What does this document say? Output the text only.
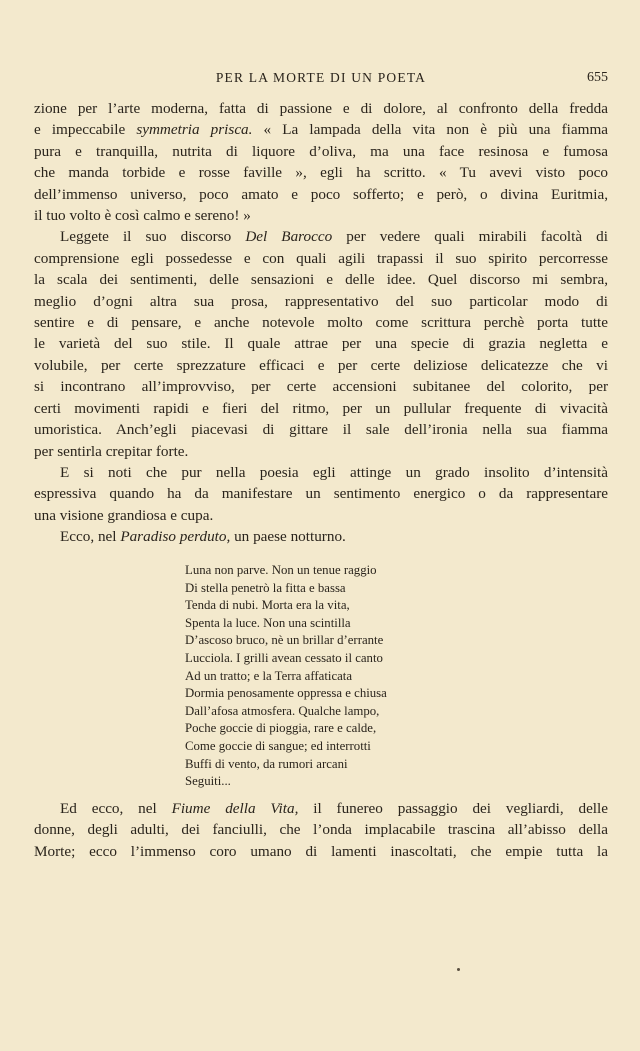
PER LA MORTE DI UN POETA	655
zione per l’arte moderna, fatta di passione e di dolore, al confronto della fredda
e impeccabile symmetria prisca. « La lampada della vita non è più una fiamma
pura e tranquilla, nutrita di liquore d’oliva, ma una face resinosa e fumosa
che manda torbide e rosse faville », egli ha scritto. « Tu avevi visto poco
dell’immenso universo, poco amato e poco sofferto; e però, o divina Euritmia,
il tuo volto è così calmo e sereno! »
Leggete il suo discorso Del Barocco per vedere quali mirabili facoltà di
comprensione egli possedesse e con quali agili trapassi il suo spirito percorresse
la scala dei sentimenti, delle sensazioni e delle idee. Quel discorso mi sembra,
meglio d’ogni altra sua prosa, rappresentativo del suo particolar modo di
sentire e di pensare, e anche notevole molto come scrittura perchè porta tutte
le varietà del suo stile. Il quale attrae per una specie di grazia negletta e
volubile, per certe sprezzature efficaci e per certe deliziose delicatezze che vi
si incontrano all’improvviso, per certe accensioni subitanee del colorito, per
certi movimenti rapidi e fieri del ritmo, per un pullular frequente di vivacità
umoristica. Anch’egli piacevasi di gittare il sale dell’ironia nella sua fiamma
per sentirla crepitar forte.
E si noti che pur nella poesia egli attinge un grado insolito d’intensità
espressiva quando ha da manifestare un sentimento energico o da rappresentare
una visione grandiosa e cupa.
Ecco, nel Paradiso perduto, un paese notturno.
Luna non parve. Non un tenue raggio
Di stella penetrò la fitta e bassa
Tenda di nubi. Morta era la vita,
Spenta la luce. Non una scintilla
D’ascoso bruco, nè un brillar d’errante
Lucciola. I grilli avean cessato il canto
Ad un tratto; e la Terra affaticata
Dormia penosamente oppressa e chiusa
Dall’afosa atmosfera. Qualche lampo,
Poche goccie di pioggia, rare e calde,
Come goccie di sangue; ed interrotti
Buffi di vento, da rumori arcani
Seguiti...
Ed ecco, nel Fiume della Vita, il funereo passaggio dei vegliardi, delle
donne, degli adulti, dei fanciulli, che l’onda implacabile trascina all’abisso della
Morte; ecco l’immenso coro umano di lamenti inascoltati, che empie tutta la
